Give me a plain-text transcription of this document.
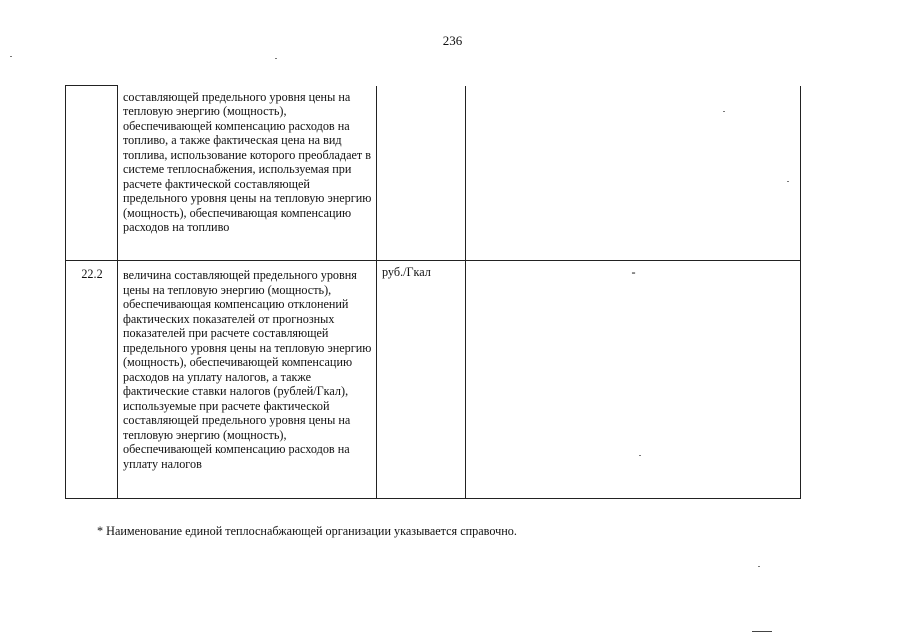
236
	составляющей предельного уровня цены на тепловую энергию (мощность), обеспечивающей компенсацию расходов на топливо, а также фактическая цена на вид топлива, использование которого преобладает в системе теплоснабжения, используемая при расчете фактической составляющей предельного уровня цены на тепловую энергию (мощность), обеспечивающая компенсацию расходов на топливо		
22.2	величина составляющей предельного уровня цены на тепловую энергию (мощность), обеспечивающая компенсацию отклонений фактических показателей от прогнозных показателей при расчете составляющей предельного уровня цены на тепловую энергию (мощность), обеспечивающей компенсацию расходов на уплату налогов, а также фактические ставки налогов (рублей/Гкал), используемые при расчете фактической составляющей предельного уровня цены на тепловую энергию (мощность), обеспечивающей компенсацию расходов на уплату налогов	руб./Гкал	-
* Наименование единой теплоснабжающей организации указывается справочно.
